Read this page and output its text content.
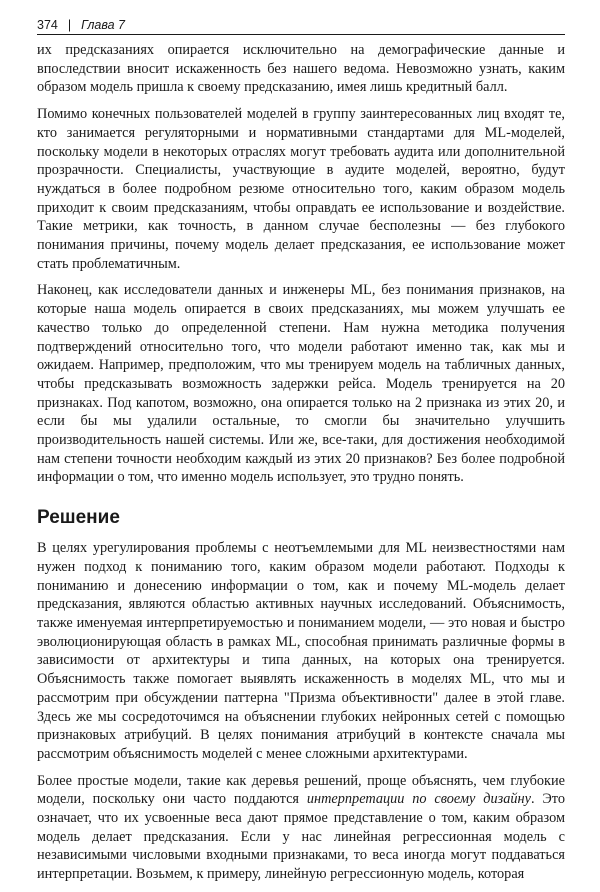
374 | Глава 7

их предсказаниях опирается исключительно на демографические данные и впоследствии вносит искаженность без нашего ведома. Невозможно узнать, каким образом модель пришла к своему предсказанию, имея лишь кредитный балл.

Помимо конечных пользователей моделей в группу заинтересованных лиц входят те, кто занимается регуляторными и нормативными стандартами для ML-моделей, поскольку модели в некоторых отраслях могут требовать аудита или дополнительной прозрачности. Специалисты, участвующие в аудите моделей, вероятно, будут нуждаться в более подробном резюме относительно того, каким образом модель приходит к своим предсказаниям, чтобы оправдать ее использование и воздействие. Такие метрики, как точность, в данном случае бесполезны — без глубокого понимания причины, почему модель делает предсказания, ее использование может стать проблематичным.

Наконец, как исследователи данных и инженеры ML, без понимания признаков, на которые наша модель опирается в своих предсказаниях, мы можем улучшать ее качество только до определенной степени. Нам нужна методика получения подтверждений относительно того, что модели работают именно так, как мы и ожидаем. Например, предположим, что мы тренируем модель на табличных данных, чтобы предсказывать возможность задержки рейса. Модель тренируется на 20 признаках. Под капотом, возможно, она опирается только на 2 признака из этих 20, и если бы мы удалили остальные, то смогли бы значительно улучшить производительность нашей системы. Или же, все-таки, для достижения необходимой нам степени точности необходим каждый из этих 20 признаков? Без более подробной информации о том, что именно модель использует, это трудно понять.

Решение

В целях урегулирования проблемы с неотъемлемыми для ML неизвестностями нам нужен подход к пониманию того, каким образом модели работают. Подходы к пониманию и донесению информации о том, как и почему ML-модель делает предсказания, являются областью активных научных исследований. Объяснимость, также именуемая интерпретируемостью и пониманием модели, — это новая и быстро эволюционирующая область в рамках ML, способная принимать различные формы в зависимости от архитектуры и типа данных, на которых она тренируется. Объяснимость также помогает выявлять искаженность в моделях ML, что мы и рассмотрим при обсуждении паттерна "Призма объективности" далее в этой главе. Здесь же мы сосредоточимся на объяснении глубоких нейронных сетей с помощью признаковых атрибуций. В целях понимания атрибуций в контексте сначала мы рассмотрим объяснимость моделей с менее сложными архитектурами.

Более простые модели, такие как деревья решений, проще объяснять, чем глубокие модели, поскольку они часто поддаются интерпретации по своему дизайну. Это означает, что их усвоенные веса дают прямое представление о том, каким образом модель делает предсказания. Если у нас линейная регрессионная модель с независимыми числовыми входными признаками, то веса иногда могут поддаваться интерпретации. Возьмем, к примеру, линейную регрессионную модель, которая
